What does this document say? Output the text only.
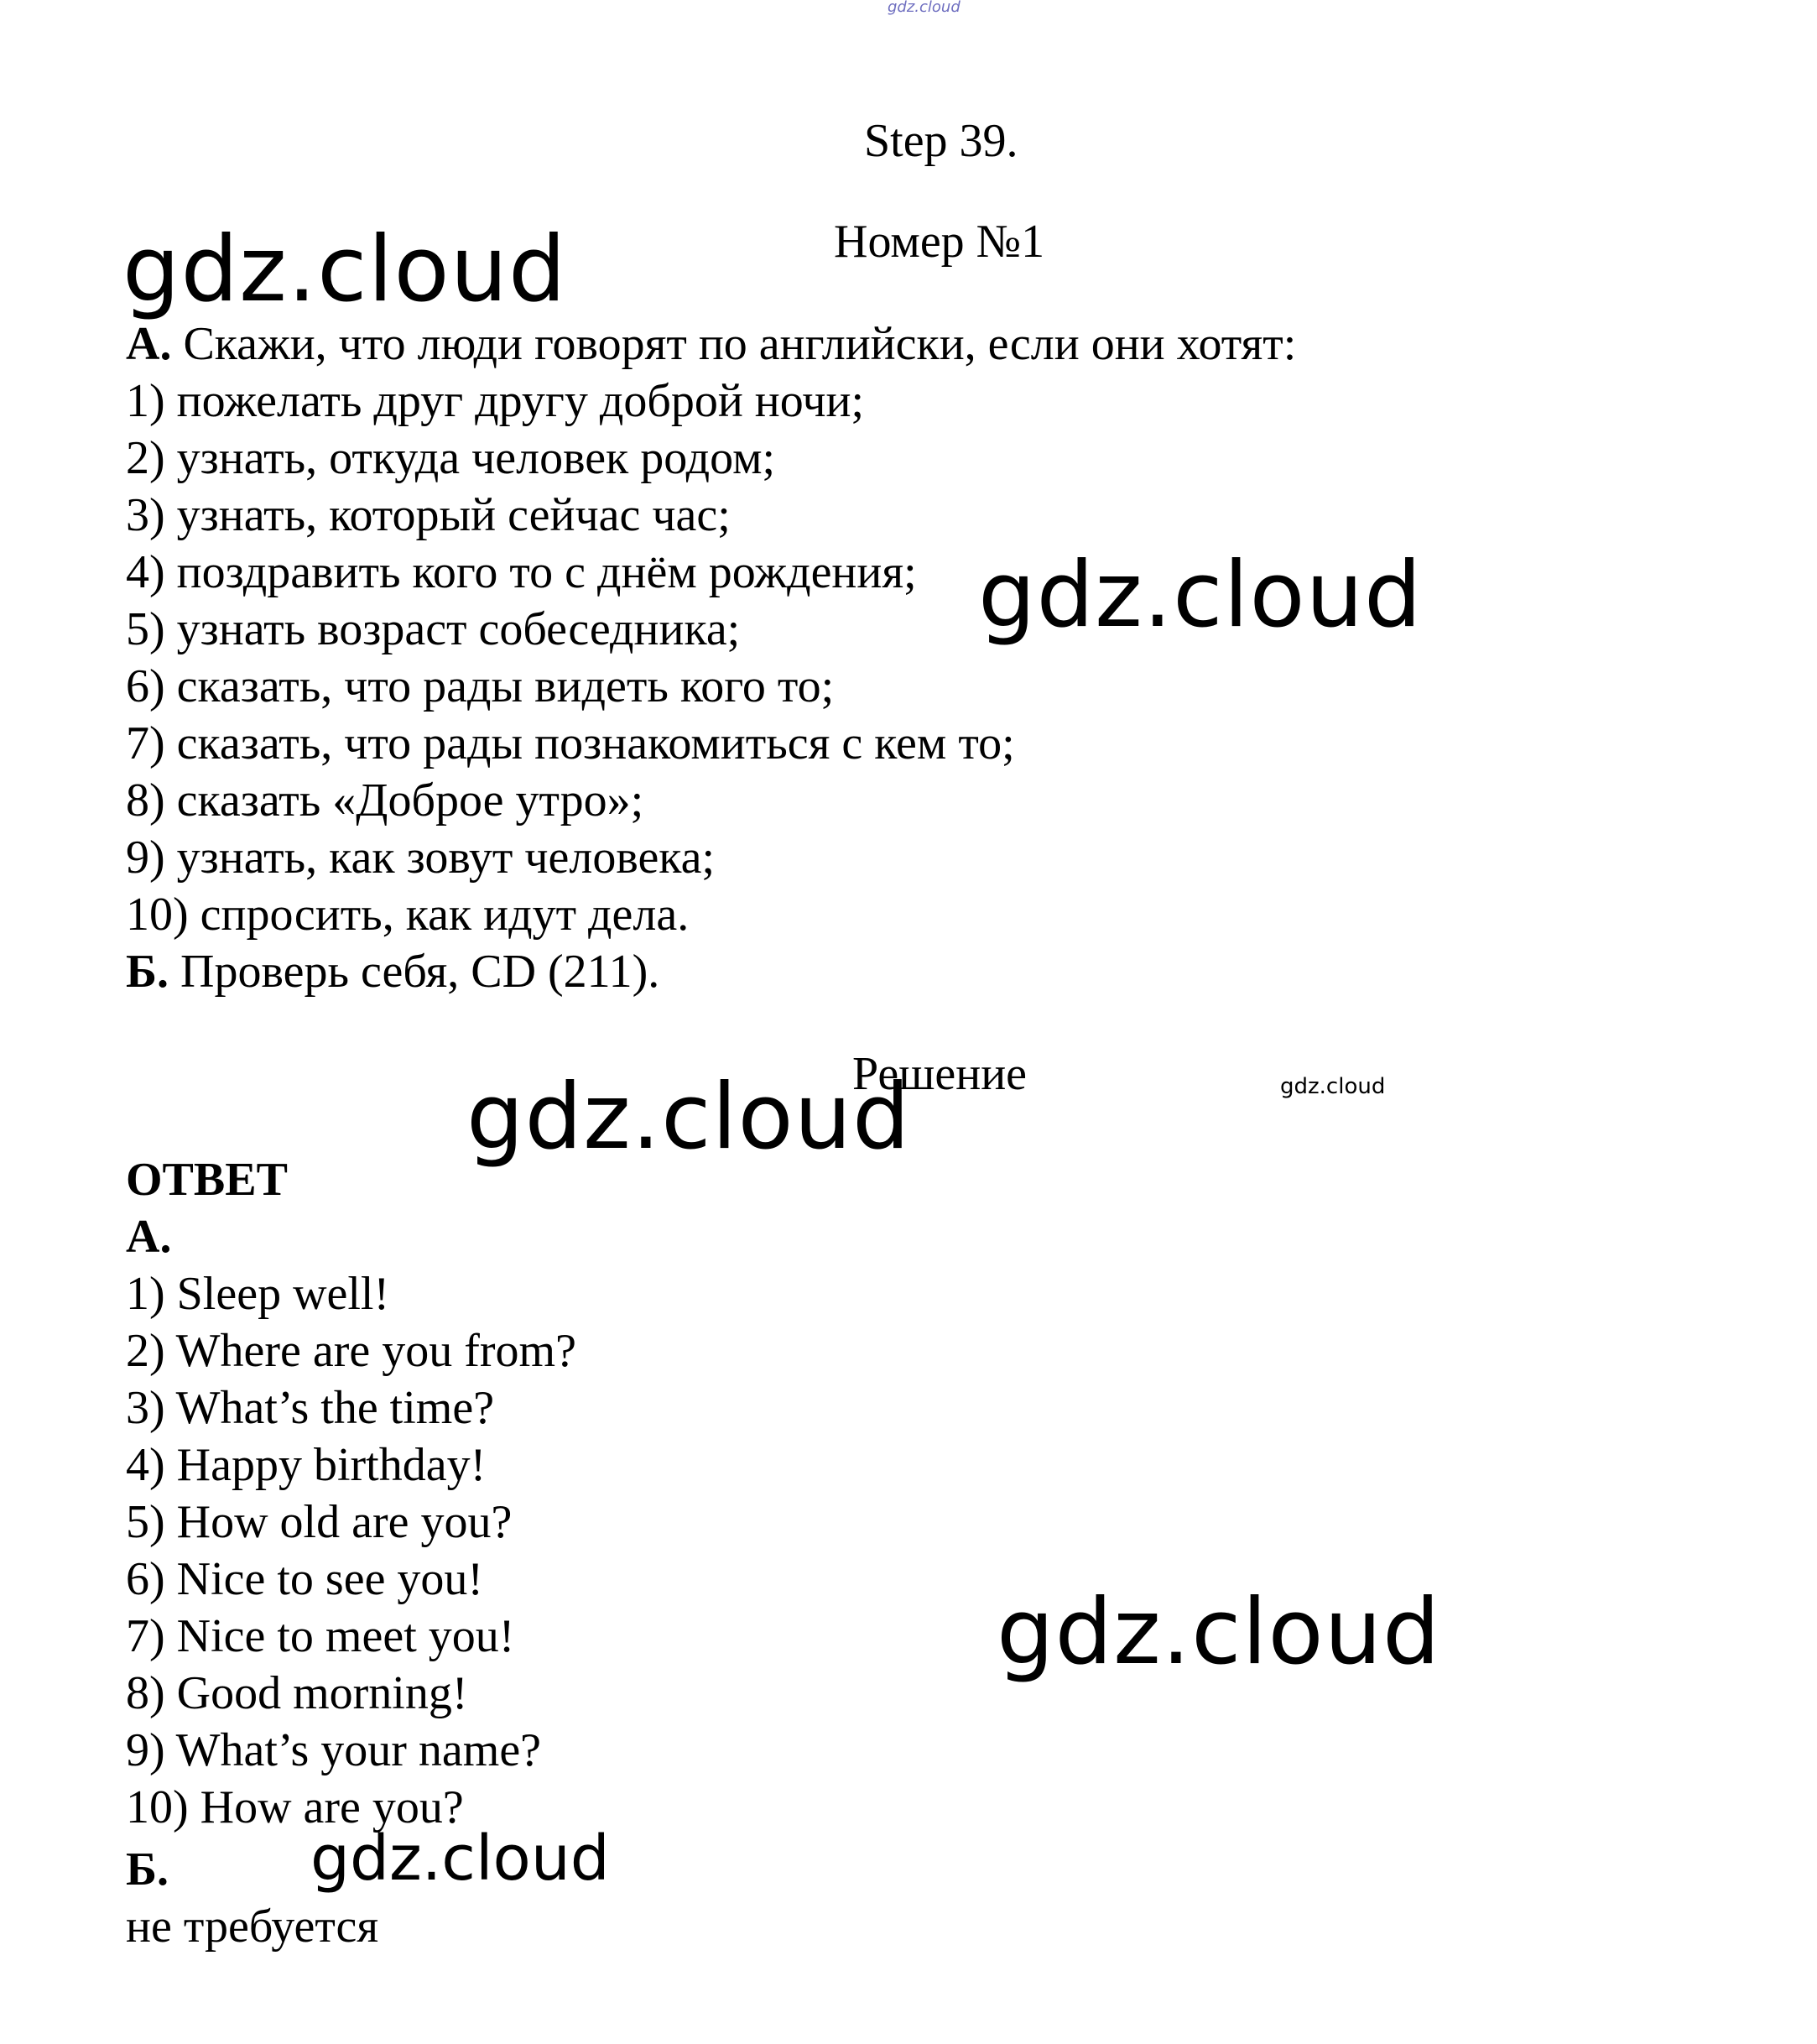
gdz.cloud
Step 39.
Номер №1
gdz.cloud
А. Скажи, что люди говорят по английски, если они хотят:
1) пожелать друг другу доброй ночи;
2) узнать, откуда человек родом;
3) узнать, который сейчас час;
4) поздравить кого то с днём рождения;
5) узнать возраст собеседника;
6) сказать, что рады видеть кого то;
7) сказать, что рады познакомиться с кем то;
8) сказать «Доброе утро»;
9) узнать, как зовут человека;
10) спросить, как идут дела.
gdz.cloud
Б. Проверь себя, CD (211).
Решение	gdz.cloud
gdz.cloud
ОТВЕТ
А.
1) Sleep well!
2) Where are you from?
3) What’s the time?
4) Happy birthday!
5) How old are you?
6) Nice to see you!
7) Nice to meet you!
8) Good morning!
9) What’s your name?
10) How are you?
gdz.cloud
Б. gdz.cloud
не требуется
